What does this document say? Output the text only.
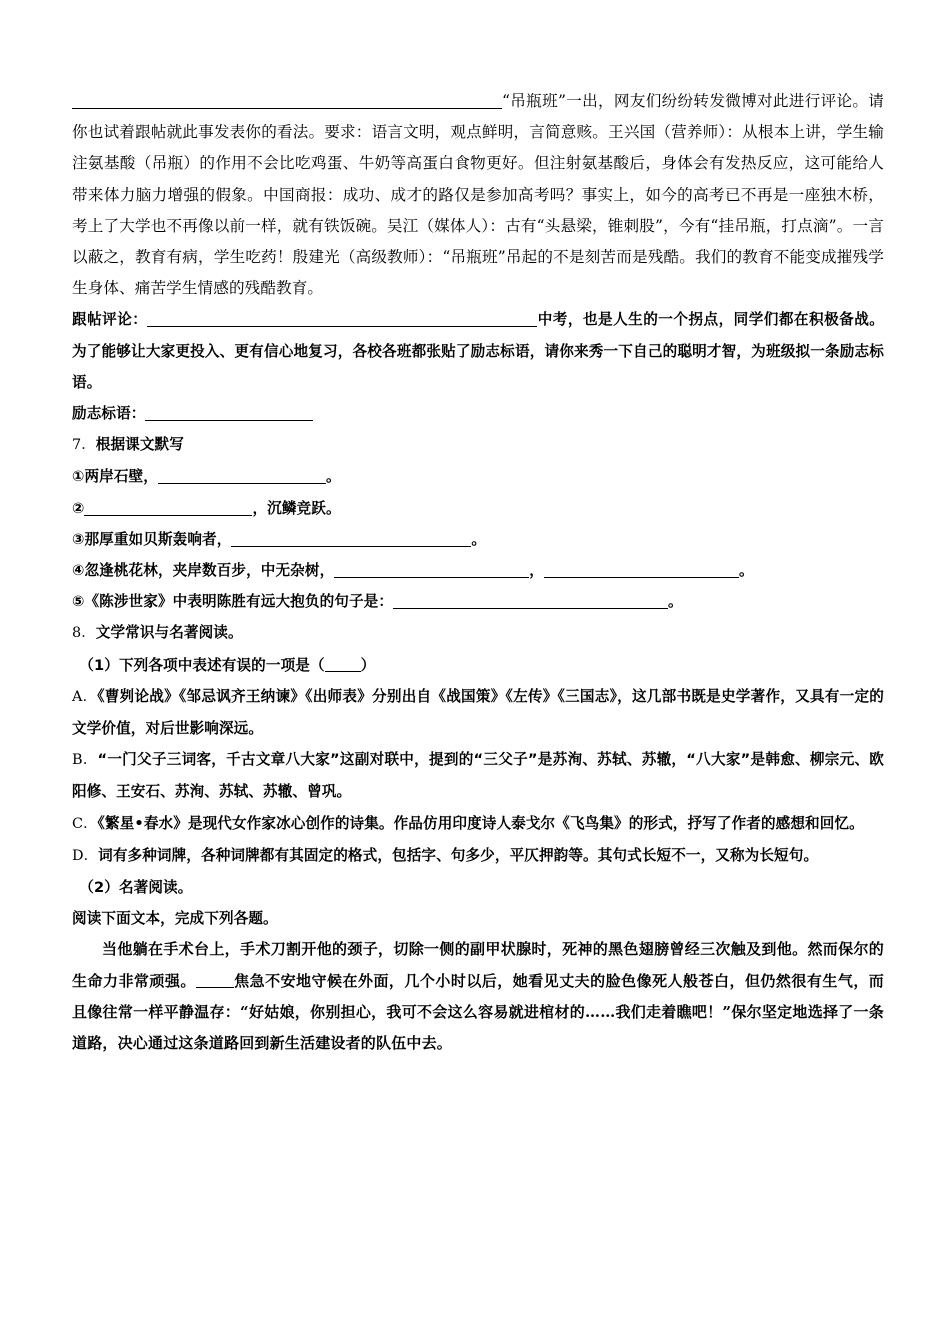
“吊瓶班”一出，网友们纷纷转发微博对此进行评论。请你也试着跟帖就此事发表你的看法。要求：语言文明，观点鲜明，言简意赅。王兴国（营养师）：从根本上讲，学生输注氨基酸（吊瓶）的作用不会比吃鸡蛋、牛奶等高蛋白食物更好。但注射氨基酸后，身体会有发热反应，这可能给人带来体力脑力增强的假象。中国商报：成功、成才的路仅是参加高考吗？事实上，如今的高考已不再是一座独木桥，考上了大学也不再像以前一样，就有铁饭碗。吴江（媒体人）：古有“头悬梁，锥刺股”，今有“挂吊瓶，打点滴”。一言以蔽之，教育有病，学生吃药！殷建光（高级教师）：“吊瓶班”吊起的不是刻苦而是残酷。我们的教育不能变成摧残学生身体、痛苦学生情感的残酷教育。

跟帖评论：	中考，也是人生的一个拐点，同学们都在积极备战。为了能够让大家更投入、更有信心地复习，各校各班都张贴了励志标语，请你来秀一下自己的聪明才智，为班级拟一条励志标语。

励志标语：

7．根据课文默写

①两岸石壁，	。

②	，沉鳞竞跃。

③那厚重如贝斯轰响者，	。

④忽逢桃花林，夹岸数百步，中无杂树，	，	。

⑤《陈涉世家》中表明陈胜有远大抱负的句子是：	。

8．文学常识与名著阅读。

（1）下列各项中表述有误的一项是（ ）

A．《曹刿论战》《邹忌讽齐王纳谏》《出师表》分别出自《战国策》《左传》《三国志》，这几部书既是史学著作，又具有一定的文学价值，对后世影响深远。

B．“一门父子三词客，千古文章八大家”这副对联中，提到的“三父子”是苏洵、苏轼、苏辙，“八大家”是韩愈、柳宗元、欧阳修、王安石、苏洵、苏轼、苏辙、曾巩。

C．《繁星•春水》是现代女作家冰心创作的诗集。作品仿用印度诗人泰戈尔《飞鸟集》的形式，抒写了作者的感想和回忆。

D．词有多种词牌，各种词牌都有其固定的格式，包括字、句多少，平仄押韵等。其句式长短不一，又称为长短句。

（2）名著阅读。

阅读下面文本，完成下列各题。

当他躺在手术台上，手术刀割开他的颈子，切除一侧的副甲状腺时，死神的黑色翅膀曾经三次触及到他。然而保尔的生命力非常顽强。	焦急不安地守候在外面，几个小时以后，她看见丈夫的脸色像死人般苍白，但仍然很有生气，而且像往常一样平静温存：“好姑娘，你别担心，我可不会这么容易就进棺材的……我们走着瞧吧！”保尔坚定地选择了一条道路，决心通过这条道路回到新生活建设者的队伍中去。
